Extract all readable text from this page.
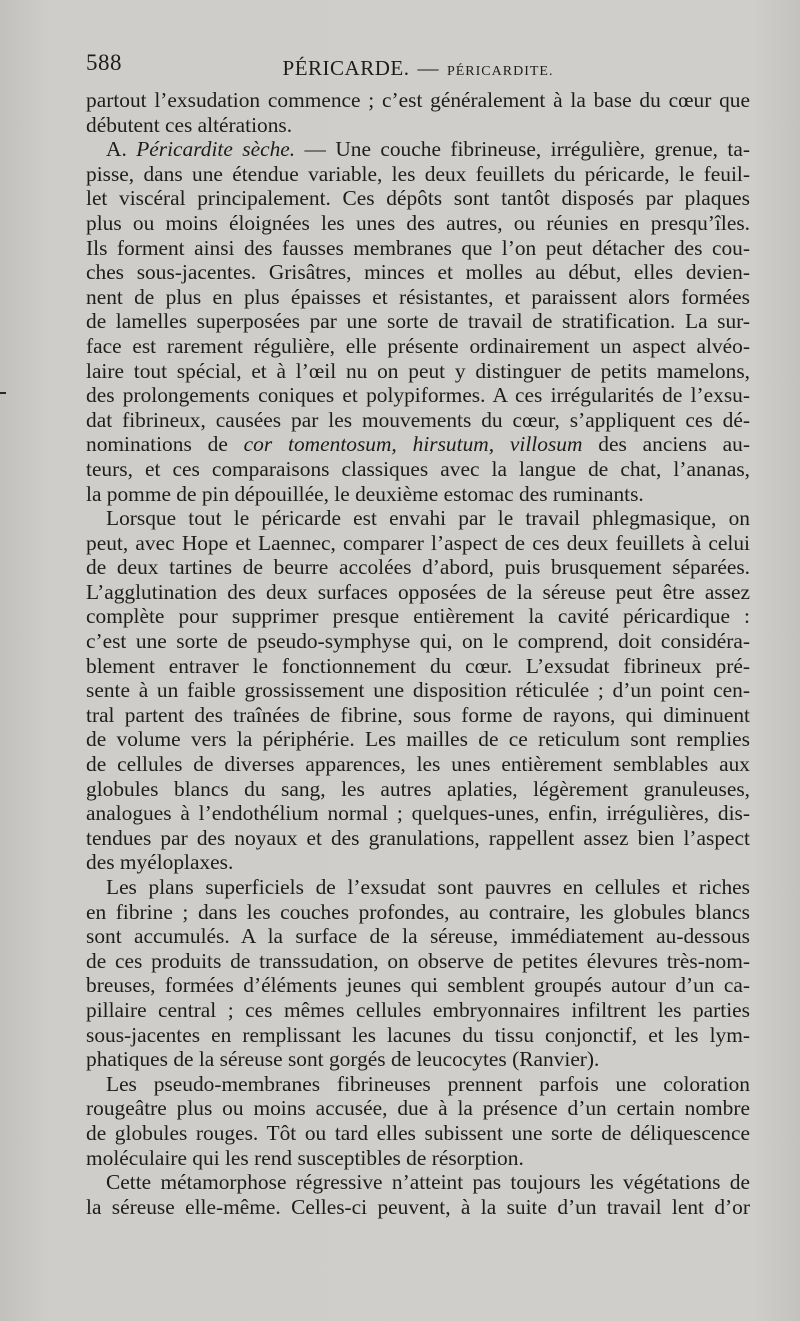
588	PÉRICARDE. — PÉRICARDITE.
partout l’exsudation commence ; c’est généralement à la base du cœur que
débutent ces altérations.
A. Péricardite sèche. — Une couche fibrineuse, irrégulière, grenue, ta-
pisse, dans une étendue variable, les deux feuillets du péricarde, le feuil-
let viscéral principalement. Ces dépôts sont tantôt disposés par plaques
plus ou moins éloignées les unes des autres, ou réunies en presqu’îles.
Ils forment ainsi des fausses membranes que l’on peut détacher des cou-
ches sous-jacentes. Grisâtres, minces et molles au début, elles devien-
nent de plus en plus épaisses et résistantes, et paraissent alors formées
de lamelles superposées par une sorte de travail de stratification. La sur-
face est rarement régulière, elle présente ordinairement un aspect alvéo-
laire tout spécial, et à l’œil nu on peut y distinguer de petits mamelons,
des prolongements coniques et polypiformes. A ces irrégularités de l’exsu-
dat fibrineux, causées par les mouvements du cœur, s’appliquent ces dé-
nominations de cor tomentosum, hirsutum, villosum des anciens au-
teurs, et ces comparaisons classiques avec la langue de chat, l’ananas,
la pomme de pin dépouillée, le deuxième estomac des ruminants.
Lorsque tout le péricarde est envahi par le travail phlegmasique, on
peut, avec Hope et Laennec, comparer l’aspect de ces deux feuillets à celui
de deux tartines de beurre accolées d’abord, puis brusquement séparées.
L’agglutination des deux surfaces opposées de la séreuse peut être assez
complète pour supprimer presque entièrement la cavité péricardique :
c’est une sorte de pseudo-symphyse qui, on le comprend, doit considéra-
blement entraver le fonctionnement du cœur. L’exsudat fibrineux pré-
sente à un faible grossissement une disposition réticulée ; d’un point cen-
tral partent des traînées de fibrine, sous forme de rayons, qui diminuent
de volume vers la périphérie. Les mailles de ce reticulum sont remplies
de cellules de diverses apparences, les unes entièrement semblables aux
globules blancs du sang, les autres aplaties, légèrement granuleuses,
analogues à l’endothélium normal ; quelques-unes, enfin, irrégulières, dis-
tendues par des noyaux et des granulations, rappellent assez bien l’aspect
des myéloplaxes.
Les plans superficiels de l’exsudat sont pauvres en cellules et riches
en fibrine ; dans les couches profondes, au contraire, les globules blancs
sont accumulés. A la surface de la séreuse, immédiatement au-dessous
de ces produits de transsudation, on observe de petites élevures très-nom-
breuses, formées d’éléments jeunes qui semblent groupés autour d’un ca-
pillaire central ; ces mêmes cellules embryonnaires infiltrent les parties
sous-jacentes en remplissant les lacunes du tissu conjonctif, et les lym-
phatiques de la séreuse sont gorgés de leucocytes (Ranvier).
Les pseudo-membranes fibrineuses prennent parfois une coloration
rougeâtre plus ou moins accusée, due à la présence d’un certain nombre
de globules rouges. Tôt ou tard elles subissent une sorte de déliquescence
moléculaire qui les rend susceptibles de résorption.
Cette métamorphose régressive n’atteint pas toujours les végétations de
la séreuse elle-même. Celles-ci peuvent, à la suite d’un travail lent d’or
